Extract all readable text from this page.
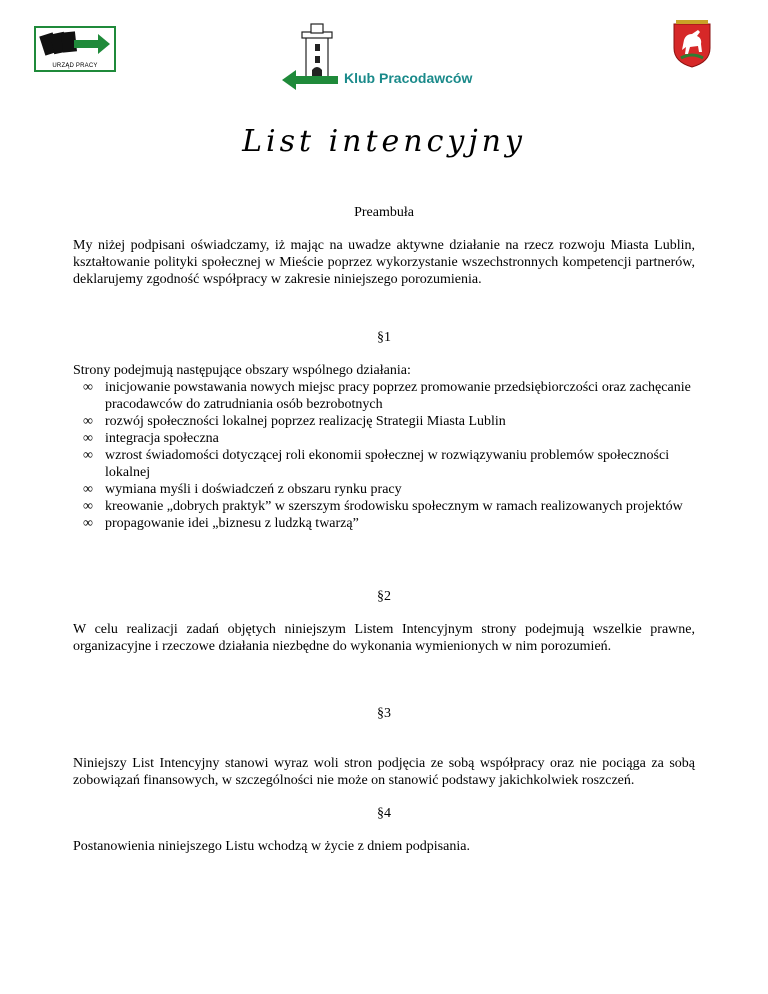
URZĄD PRACY
Klub Pracodawców
List intencyjny
Preambuła

My niżej podpisani oświadczamy, iż mając na uwadze aktywne działanie na rzecz rozwoju Miasta Lublin, kształtowanie polityki społecznej w Mieście poprzez wykorzystanie wszechstronnych kompetencji partnerów, deklarujemy zgodność współpracy w zakresie niniejszego porozumienia.

§1

Strony podejmują następujące obszary wspólnego działania:

∞ inicjowanie powstawania nowych miejsc pracy poprzez promowanie przedsiębiorczości oraz zachęcanie pracodawców do zatrudniania osób bezrobotnych
∞ rozwój społeczności lokalnej poprzez realizację Strategii Miasta Lublin
∞ integracja społeczna
∞ wzrost świadomości dotyczącej roli ekonomii społecznej w rozwiązywaniu problemów społeczności lokalnej
∞ wymiana myśli i doświadczeń z obszaru rynku pracy
∞ kreowanie „dobrych praktyk” w szerszym środowisku społecznym w ramach realizowanych projektów
∞ propagowanie idei „biznesu z ludzką twarzą”
§2

W celu realizacji zadań objętych niniejszym Listem Intencyjnym strony podejmują wszelkie prawne, organizacyjne i rzeczowe działania niezbędne do wykonania wymienionych w nim porozumień.

§3

Niniejszy List Intencyjny stanowi wyraz woli stron podjęcia ze sobą współpracy oraz nie pociąga za sobą zobowiązań finansowych, w szczególności nie może on stanowić podstawy jakichkolwiek roszczeń.

§4

Postanowienia niniejszego Listu wchodzą w życie z dniem podpisania.
